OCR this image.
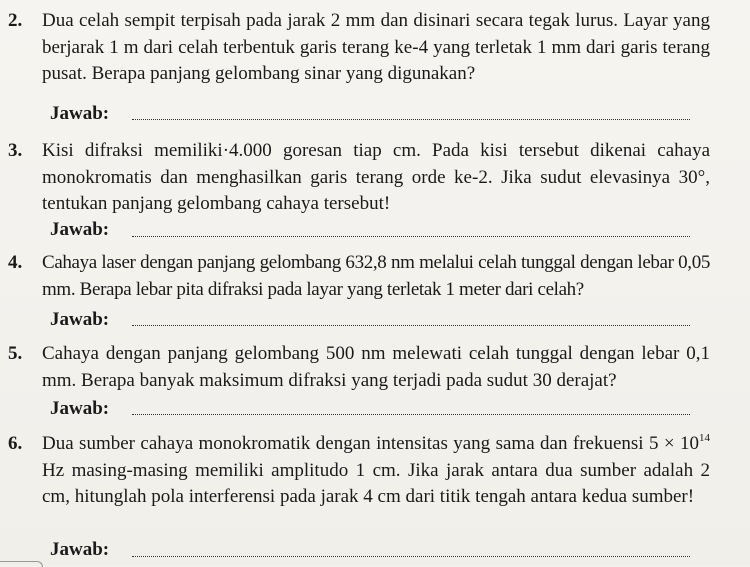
2. Dua celah sempit terpisah pada jarak 2 mm dan disinari secara tegak lurus. Layar yang berjarak 1 m dari celah terbentuk garis terang ke-4 yang terletak 1 mm dari garis terang pusat. Berapa panjang gelombang sinar yang digunakan?
Jawab:
3. Kisi difraksi memiliki·4.000 goresan tiap cm. Pada kisi tersebut dikenai cahaya monokromatis dan menghasilkan garis terang orde ke-2. Jika sudut elevasinya 30°, tentukan panjang gelombang cahaya tersebut!
Jawab:
4. Cahaya laser dengan panjang gelombang 632,8 nm melalui celah tunggal dengan lebar 0,05 mm. Berapa lebar pita difraksi pada layar yang terletak 1 meter dari celah?
Jawab:
5. Cahaya dengan panjang gelombang 500 nm melewati celah tunggal dengan lebar 0,1 mm. Berapa banyak maksimum difraksi yang terjadi pada sudut 30 derajat?
Jawab:
6. Dua sumber cahaya monokromatik dengan intensitas yang sama dan frekuensi $5 \times 10^{14}$ Hz masing-masing memiliki amplitudo 1 cm. Jika jarak antara dua sumber adalah 2 cm, hitunglah pola interferensi pada jarak 4 cm dari titik tengah antara kedua sumber!
Jawab:
